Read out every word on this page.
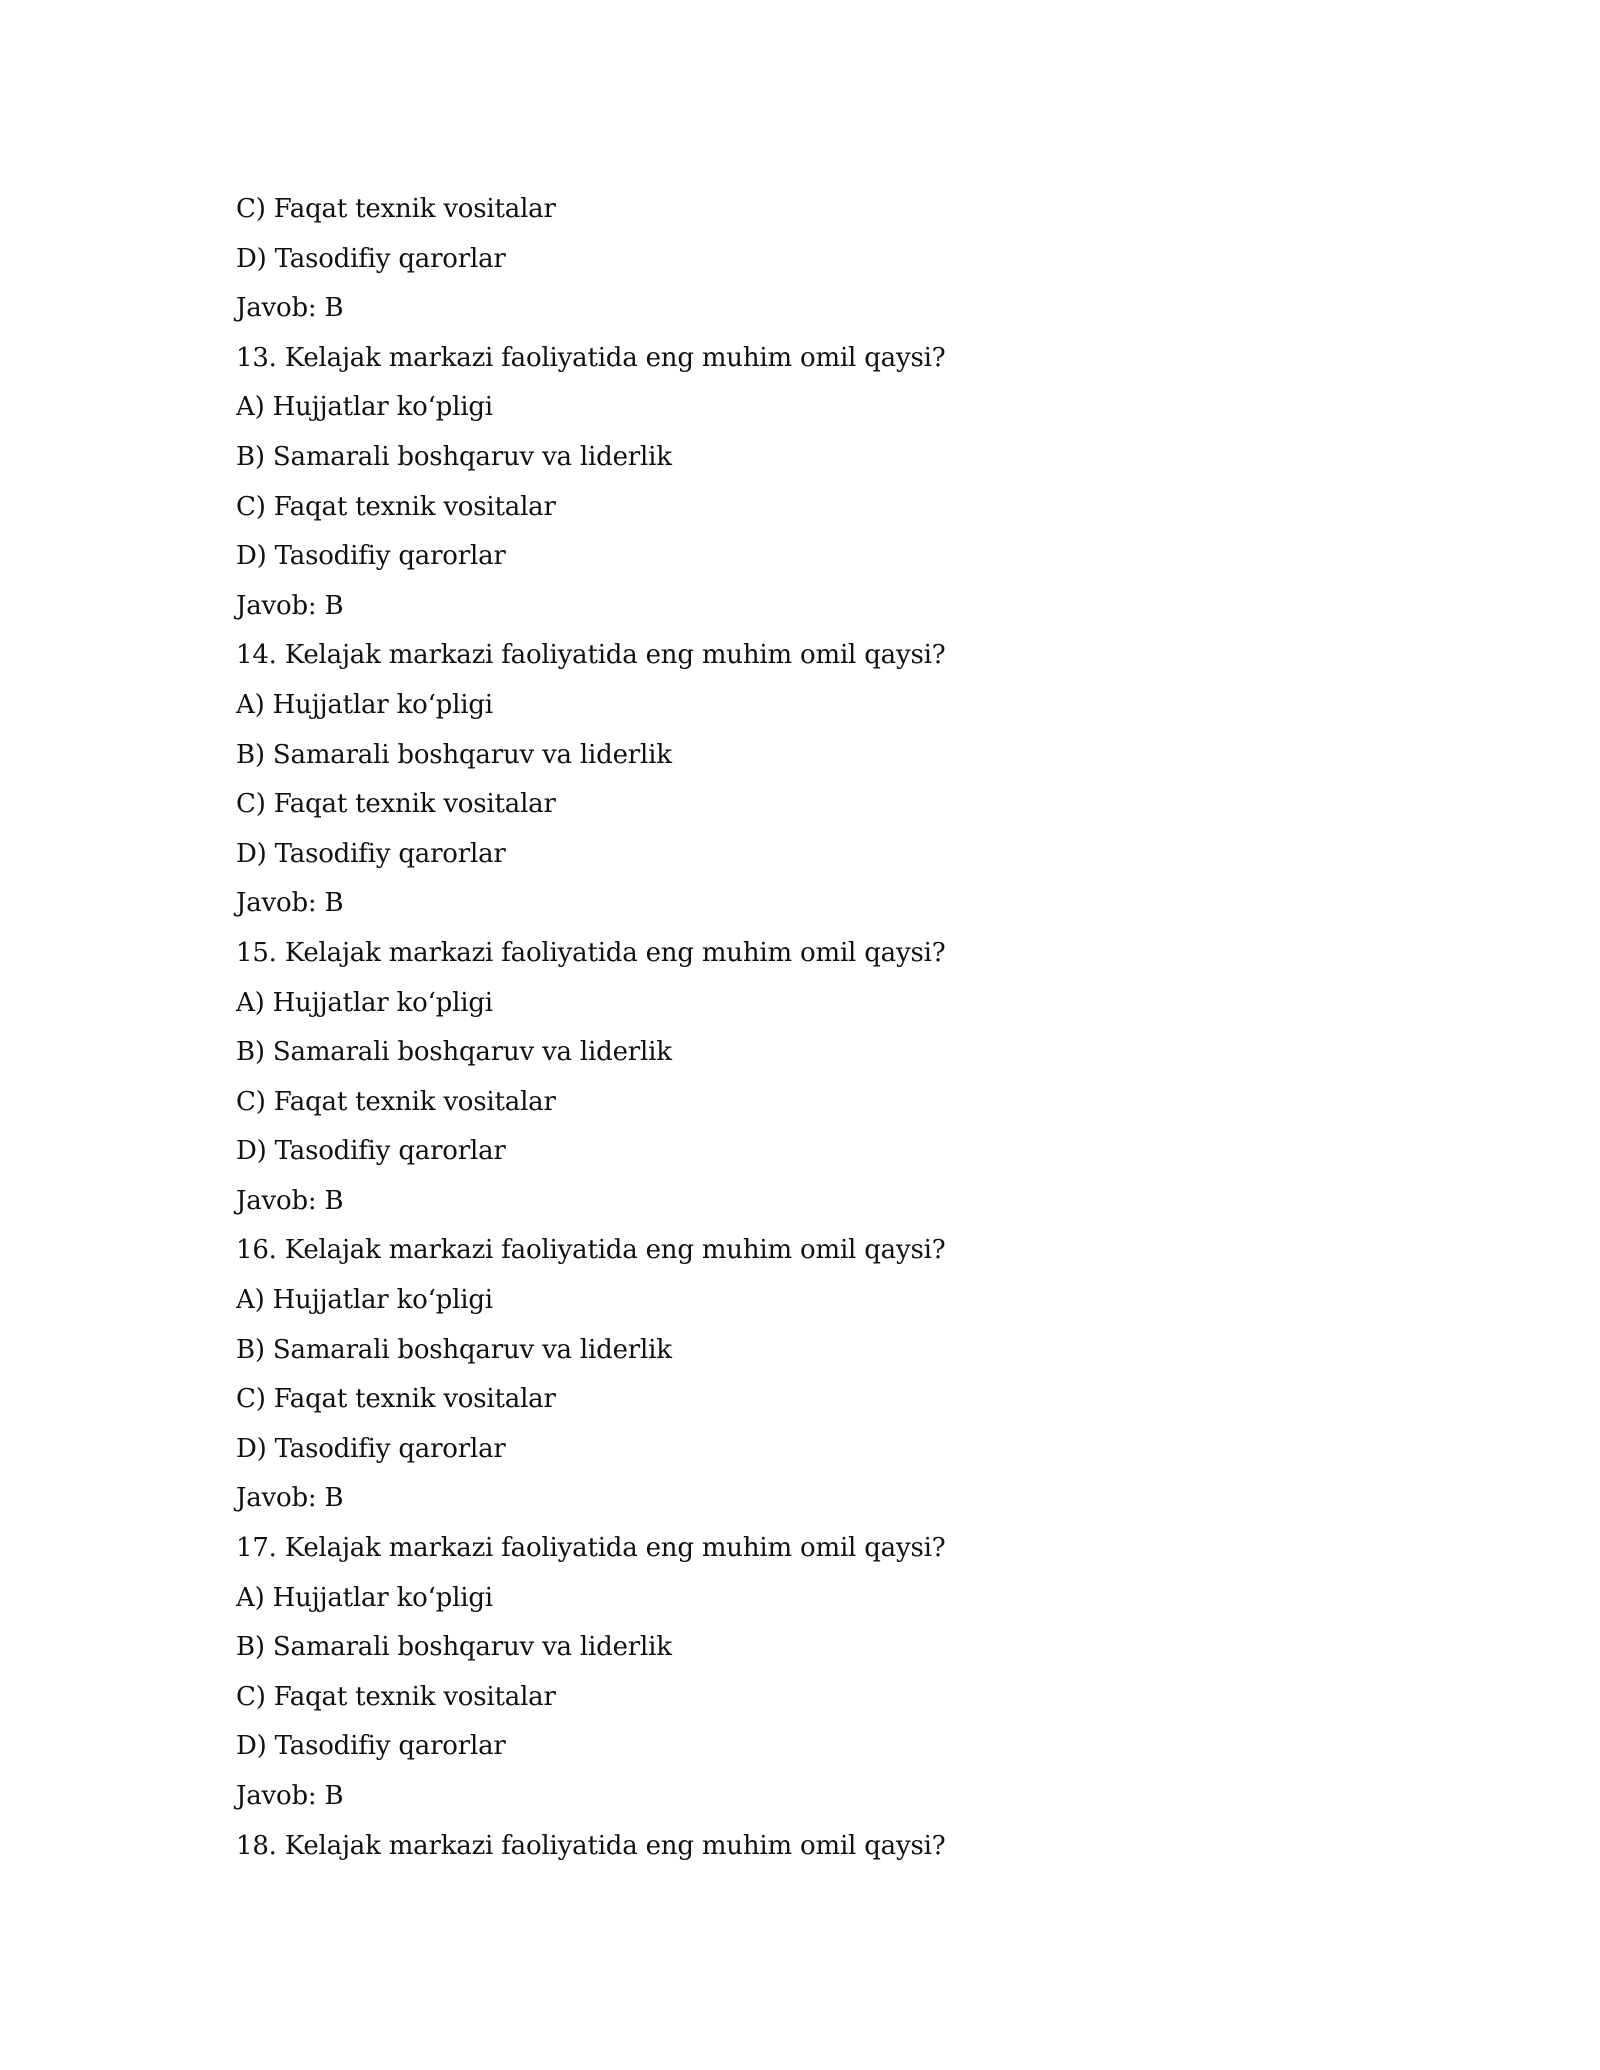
C) Faqat texnik vositalar
D) Tasodifiy qarorlar
Javob: B
13. Kelajak markazi faoliyatida eng muhim omil qaysi?
A) Hujjatlar ko‘pligi
B) Samarali boshqaruv va liderlik
C) Faqat texnik vositalar
D) Tasodifiy qarorlar
Javob: B
14. Kelajak markazi faoliyatida eng muhim omil qaysi?
A) Hujjatlar ko‘pligi
B) Samarali boshqaruv va liderlik
C) Faqat texnik vositalar
D) Tasodifiy qarorlar
Javob: B
15. Kelajak markazi faoliyatida eng muhim omil qaysi?
A) Hujjatlar ko‘pligi
B) Samarali boshqaruv va liderlik
C) Faqat texnik vositalar
D) Tasodifiy qarorlar
Javob: B
16. Kelajak markazi faoliyatida eng muhim omil qaysi?
A) Hujjatlar ko‘pligi
B) Samarali boshqaruv va liderlik
C) Faqat texnik vositalar
D) Tasodifiy qarorlar
Javob: B
17. Kelajak markazi faoliyatida eng muhim omil qaysi?
A) Hujjatlar ko‘pligi
B) Samarali boshqaruv va liderlik
C) Faqat texnik vositalar
D) Tasodifiy qarorlar
Javob: B
18. Kelajak markazi faoliyatida eng muhim omil qaysi?
